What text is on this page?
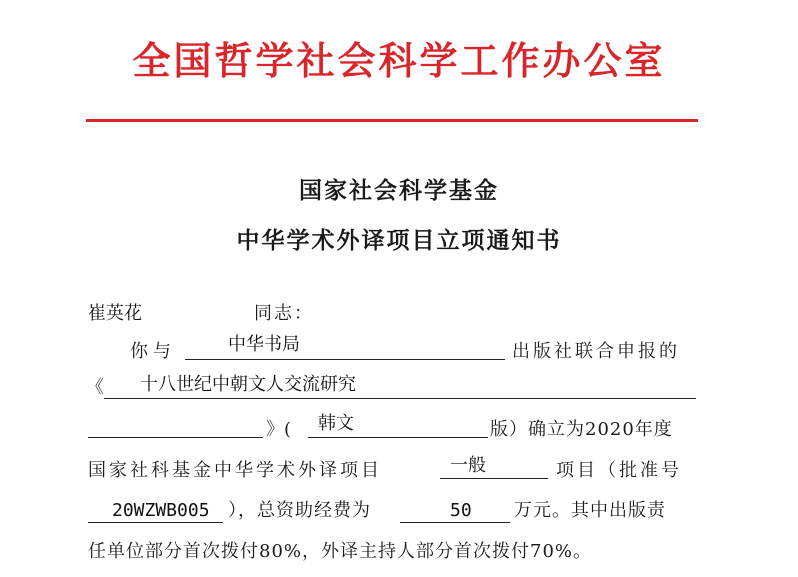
全国哲学社会科学工作办公室
国家社会科学基金
中华学术外译项目立项通知书
崔英花	同志：
你与	中华书局	出版社联合申报的
《 十八世纪中朝文人交流研究
》( 韩文	版）确立为2020年度
国家社科基金中华学术外译项目	一般	项目（批准号
20WZWB005 ），总资助经费为	50 万元。其中出版责
任单位部分首次拨付80%，外译主持人部分首次拨付70%。
